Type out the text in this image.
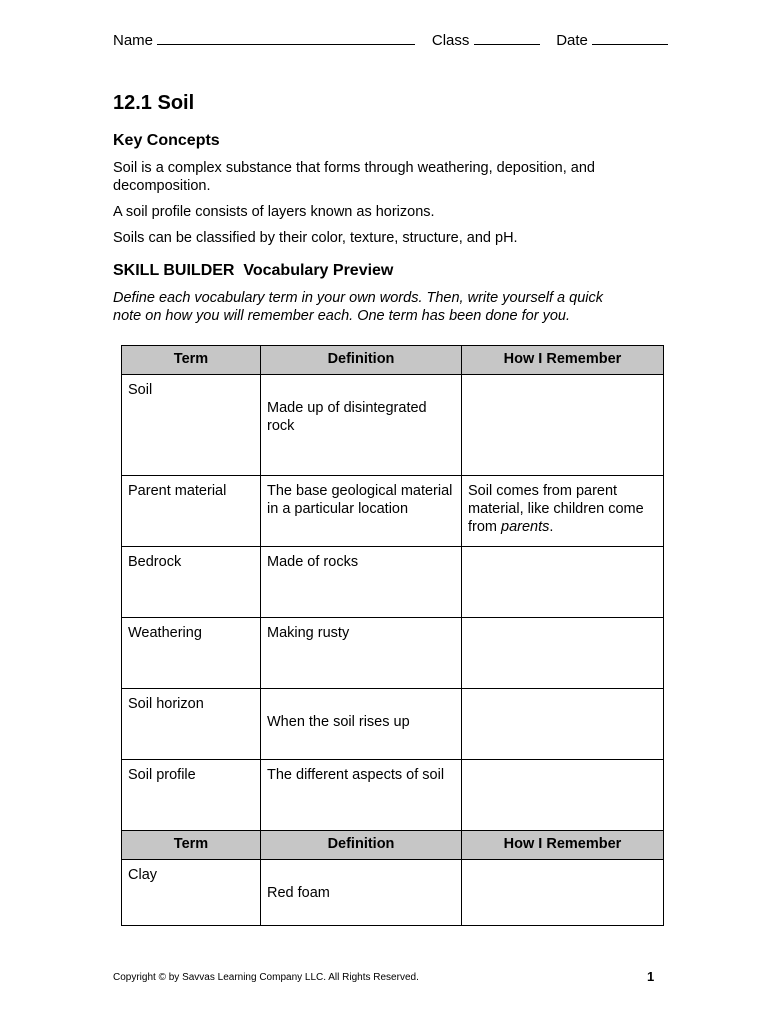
Name	Class	Date
12.1 Soil
Key Concepts

Soil is a complex substance that forms through weathering, deposition, and decomposition.

A soil profile consists of layers known as horizons.

Soils can be classified by their color, texture, structure, and pH.

SKILL BUILDER  Vocabulary Preview

Define each vocabulary term in your own words. Then, write yourself a quick note on how you will remember each. One term has been done for you.

Term	Definition	How I Remember
Soil	Made up of disintegrated rock	
Parent material	The base geological material in a particular location	Soil comes from parent material, like children come from parents.
Bedrock	Made of rocks	
Weathering	Making rusty	
Soil horizon	When the soil rises up	
Soil profile	The different aspects of soil	
Term	Definition	How I Remember
Clay	Red foam	
Copyright © by Savvas Learning Company LLC. All Rights Reserved.	1
